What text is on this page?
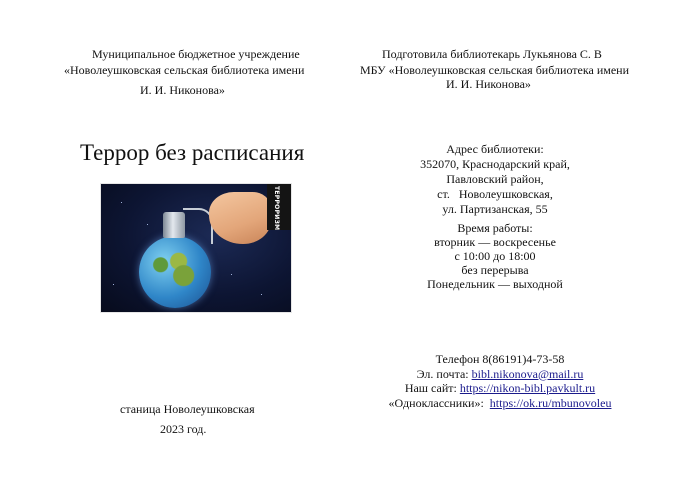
Муниципальное бюджетное учреждение
«Новолеушковская сельская библиотека имени
И. И. Никонова»
Террор без расписания
ТЕРРОРИЗМ
станица Новолеушковская
2023 год.
Подготовила библиотекарь Лукьянова С. В
МБУ «Новолеушковская сельская библиотека имени
И. И. Никонова»
Адрес библиотеки:
352070, Краснодарский край,
Павловский район,
ст.   Новолеушковская,
ул. Партизанская, 55
Время работы:
вторник — воскресенье
с 10:00 до 18:00
без перерыва
Понедельник — выходной
Телефон 8(86191)4-73-58
Эл. почта: bibl.nikonova@mail.ru
Наш сайт: https://nikon-bibl.pavkult.ru
«Одноклассники»:  https://ok.ru/mbunovoleu
